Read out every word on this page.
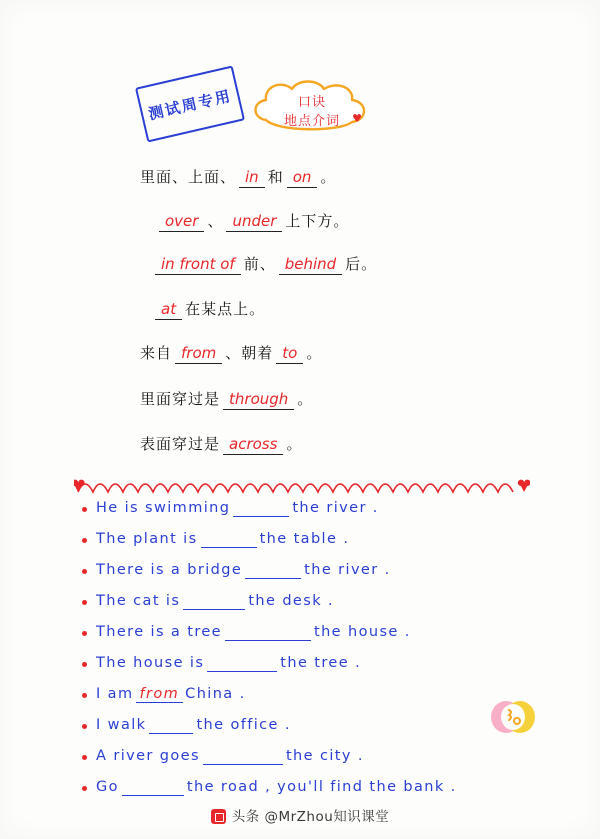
测试周专用	口诀
地点介词	♥
里面、上面、 in 和 on 。
over 、 under 上下方。
in front of 前、 behind 后。
at 在某点上。
来自 from 、朝着 to 。
里面穿过是 through 。
表面穿过是 across 。
He is swimming	the river .
The plant is	the table .
There is a bridge	the river .
The cat is	the desk .
There is a tree	the house .
The house is	the tree .
I am from China .
I walk	the office .
A river goes	the city .
Go	the road , you'll find the bank .
头条 @MrZhou知识课堂
